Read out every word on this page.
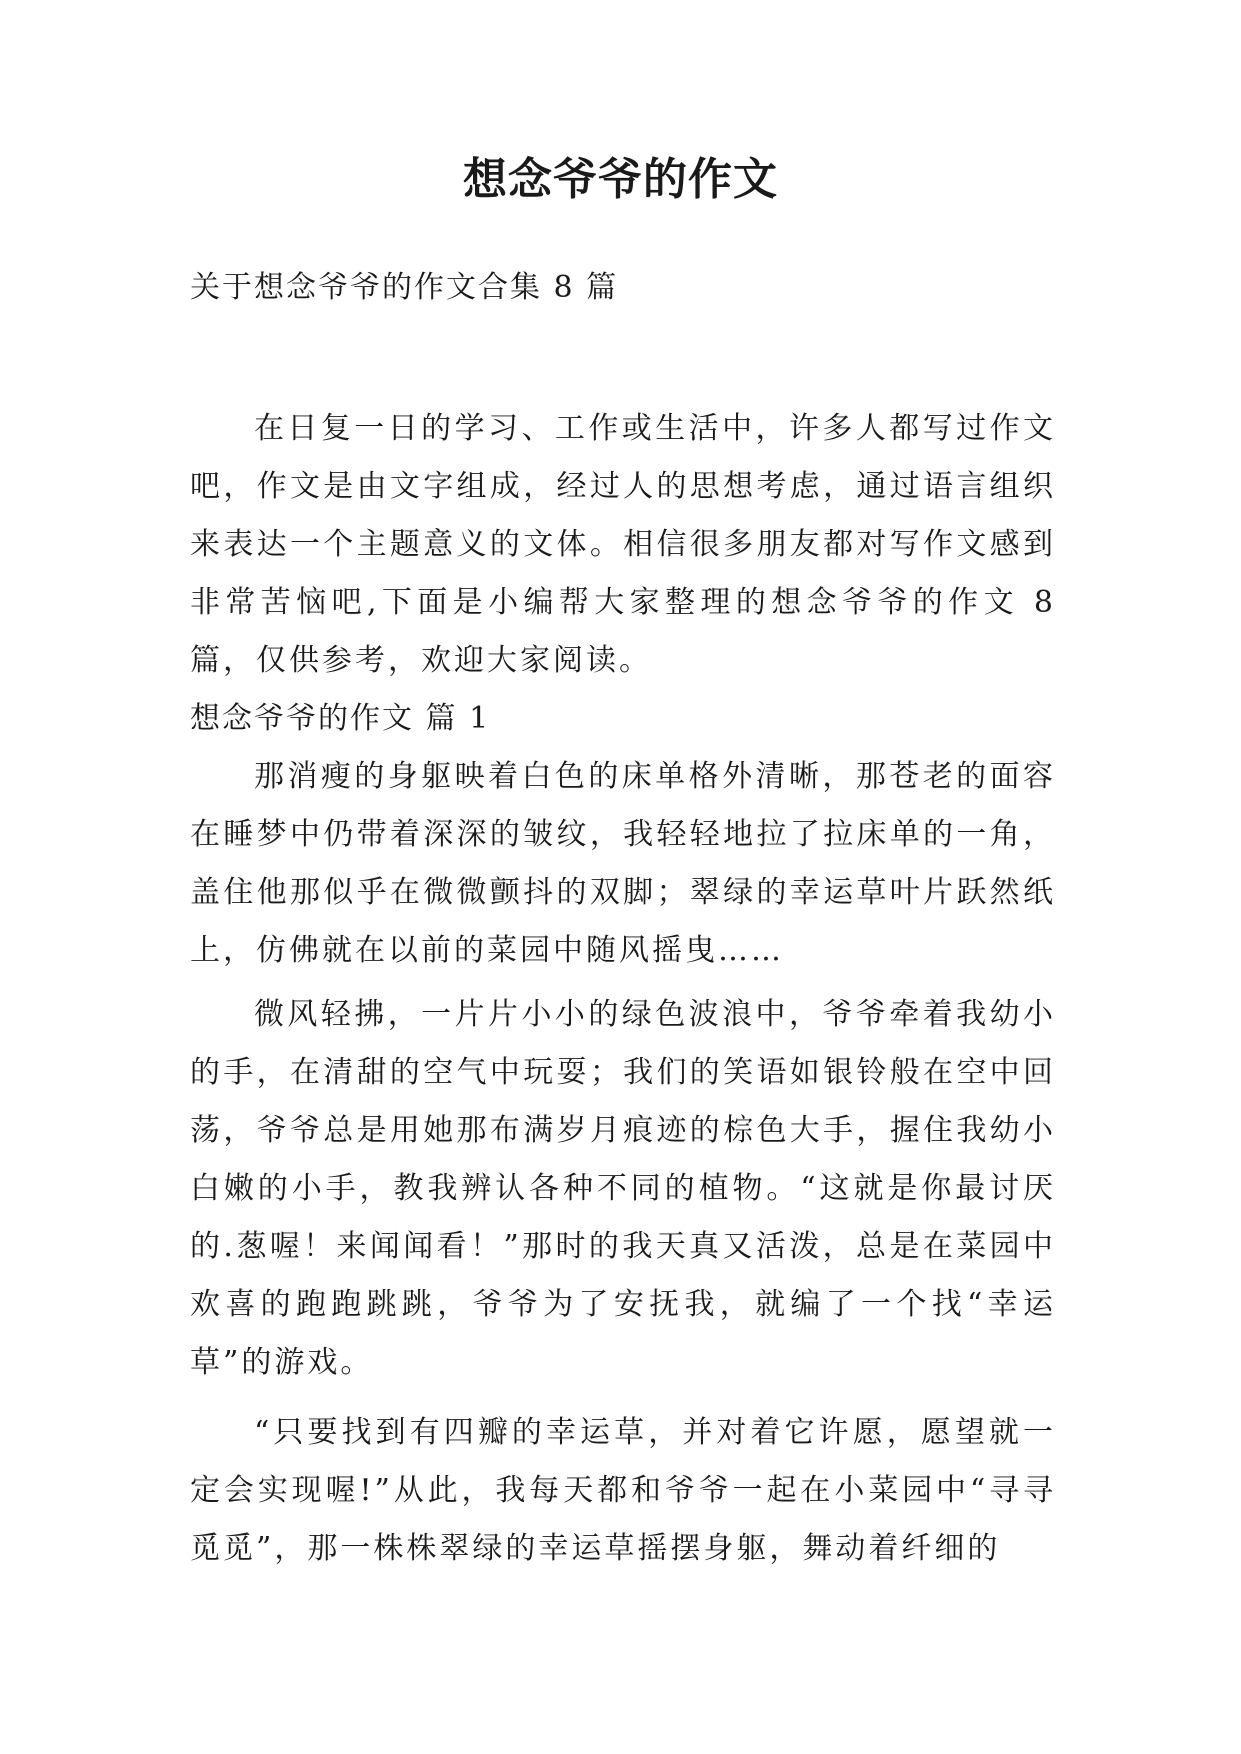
想念爷爷的作文
关于想念爷爷的作文合集 8 篇

在日复一日的学习、工作或生活中，许多人都写过作文吧，作文是由文字组成，经过人的思想考虑，通过语言组织来表达一个主题意义的文体。相信很多朋友都对写作文感到非常苦恼吧,下面是小编帮大家整理的想念爷爷的作文 8 篇，仅供参考，欢迎大家阅读。

想念爷爷的作文 篇 1

那消瘦的身躯映着白色的床单格外清晰，那苍老的面容在睡梦中仍带着深深的皱纹，我轻轻地拉了拉床单的一角，盖住他那似乎在微微颤抖的双脚；翠绿的幸运草叶片跃然纸上，仿佛就在以前的菜园中随风摇曳……

微风轻拂，一片片小小的绿色波浪中，爷爷牵着我幼小的手，在清甜的空气中玩耍；我们的笑语如银铃般在空中回荡，爷爷总是用她那布满岁月痕迹的棕色大手，握住我幼小白嫩的小手，教我辨认各种不同的植物。“这就是你最讨厌的.葱喔！来闻闻看！”那时的我天真又活泼，总是在菜园中欢喜的跑跑跳跳，爷爷为了安抚我，就编了一个找“幸运草”的游戏。

“只要找到有四瓣的幸运草，并对着它许愿，愿望就一定会实现喔!”从此，我每天都和爷爷一起在小菜园中“寻寻觅觅”，那一株株翠绿的幸运草摇摆身躯，舞动着纤细的
